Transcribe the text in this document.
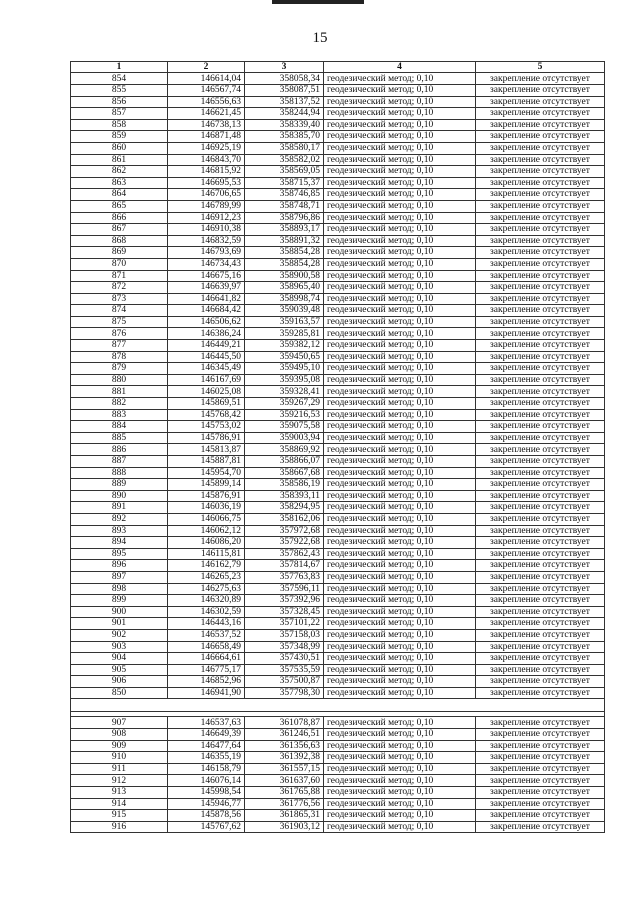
15
1	2	3	4	5
854	146614,04	358058,34	геодезический метод; 0,10	закрепление отсутствует
855	146567,74	358087,51	геодезический метод; 0,10	закрепление отсутствует
856	146556,63	358137,52	геодезический метод; 0,10	закрепление отсутствует
857	146621,45	358244,94	геодезический метод; 0,10	закрепление отсутствует
858	146738,13	358339,40	геодезический метод; 0,10	закрепление отсутствует
859	146871,48	358385,70	геодезический метод; 0,10	закрепление отсутствует
860	146925,19	358580,17	геодезический метод; 0,10	закрепление отсутствует
861	146843,70	358582,02	геодезический метод; 0,10	закрепление отсутствует
862	146815,92	358569,05	геодезический метод; 0,10	закрепление отсутствует
863	146695,53	358715,37	геодезический метод; 0,10	закрепление отсутствует
864	146706,65	358746,85	геодезический метод; 0,10	закрепление отсутствует
865	146789,99	358748,71	геодезический метод; 0,10	закрепление отсутствует
866	146912,23	358796,86	геодезический метод; 0,10	закрепление отсутствует
867	146910,38	358893,17	геодезический метод; 0,10	закрепление отсутствует
868	146832,59	358891,32	геодезический метод; 0,10	закрепление отсутствует
869	146793,69	358854,28	геодезический метод; 0,10	закрепление отсутствует
870	146734,43	358854,28	геодезический метод; 0,10	закрепление отсутствует
871	146675,16	358900,58	геодезический метод; 0,10	закрепление отсутствует
872	146639,97	358965,40	геодезический метод; 0,10	закрепление отсутствует
873	146641,82	358998,74	геодезический метод; 0,10	закрепление отсутствует
874	146684,42	359039,48	геодезический метод; 0,10	закрепление отсутствует
875	146506,62	359163,57	геодезический метод; 0,10	закрепление отсутствует
876	146386,24	359285,81	геодезический метод; 0,10	закрепление отсутствует
877	146449,21	359382,12	геодезический метод; 0,10	закрепление отсутствует
878	146445,50	359450,65	геодезический метод; 0,10	закрепление отсутствует
879	146345,49	359495,10	геодезический метод; 0,10	закрепление отсутствует
880	146167,69	359395,08	геодезический метод; 0,10	закрепление отсутствует
881	146025,08	359328,41	геодезический метод; 0,10	закрепление отсутствует
882	145869,51	359267,29	геодезический метод; 0,10	закрепление отсутствует
883	145768,42	359216,53	геодезический метод; 0,10	закрепление отсутствует
884	145753,02	359075,58	геодезический метод; 0,10	закрепление отсутствует
885	145786,91	359003,94	геодезический метод; 0,10	закрепление отсутствует
886	145813,87	358869,92	геодезический метод; 0,10	закрепление отсутствует
887	145887,81	358866,07	геодезический метод; 0,10	закрепление отсутствует
888	145954,70	358667,68	геодезический метод; 0,10	закрепление отсутствует
889	145899,14	358586,19	геодезический метод; 0,10	закрепление отсутствует
890	145876,91	358393,11	геодезический метод; 0,10	закрепление отсутствует
891	146036,19	358294,95	геодезический метод; 0,10	закрепление отсутствует
892	146066,75	358162,06	геодезический метод; 0,10	закрепление отсутствует
893	146062,12	357972,68	геодезический метод; 0,10	закрепление отсутствует
894	146086,20	357922,68	геодезический метод; 0,10	закрепление отсутствует
895	146115,81	357862,43	геодезический метод; 0,10	закрепление отсутствует
896	146162,79	357814,67	геодезический метод; 0,10	закрепление отсутствует
897	146265,23	357763,83	геодезический метод; 0,10	закрепление отсутствует
898	146275,63	357596,11	геодезический метод; 0,10	закрепление отсутствует
899	146320,89	357392,96	геодезический метод; 0,10	закрепление отсутствует
900	146302,59	357328,45	геодезический метод; 0,10	закрепление отсутствует
901	146443,16	357101,22	геодезический метод; 0,10	закрепление отсутствует
902	146537,52	357158,03	геодезический метод; 0,10	закрепление отсутствует
903	146658,49	357348,99	геодезический метод; 0,10	закрепление отсутствует
904	146664,61	357430,51	геодезический метод; 0,10	закрепление отсутствует
905	146775,17	357535,59	геодезический метод; 0,10	закрепление отсутствует
906	146852,96	357500,87	геодезический метод; 0,10	закрепление отсутствует
850	146941,90	357798,30	геодезический метод; 0,10	закрепление отсутствует

907	146537,63	361078,87	геодезический метод; 0,10	закрепление отсутствует
908	146649,39	361246,51	геодезический метод; 0,10	закрепление отсутствует
909	146477,64	361356,63	геодезический метод; 0,10	закрепление отсутствует
910	146355,19	361392,38	геодезический метод; 0,10	закрепление отсутствует
911	146158,79	361557,15	геодезический метод; 0,10	закрепление отсутствует
912	146076,14	361637,60	геодезический метод; 0,10	закрепление отсутствует
913	145998,54	361765,88	геодезический метод; 0,10	закрепление отсутствует
914	145946,77	361776,56	геодезический метод; 0,10	закрепление отсутствует
915	145878,56	361865,31	геодезический метод; 0,10	закрепление отсутствует
916	145767,62	361903,12	геодезический метод; 0,10	закрепление отсутствует
